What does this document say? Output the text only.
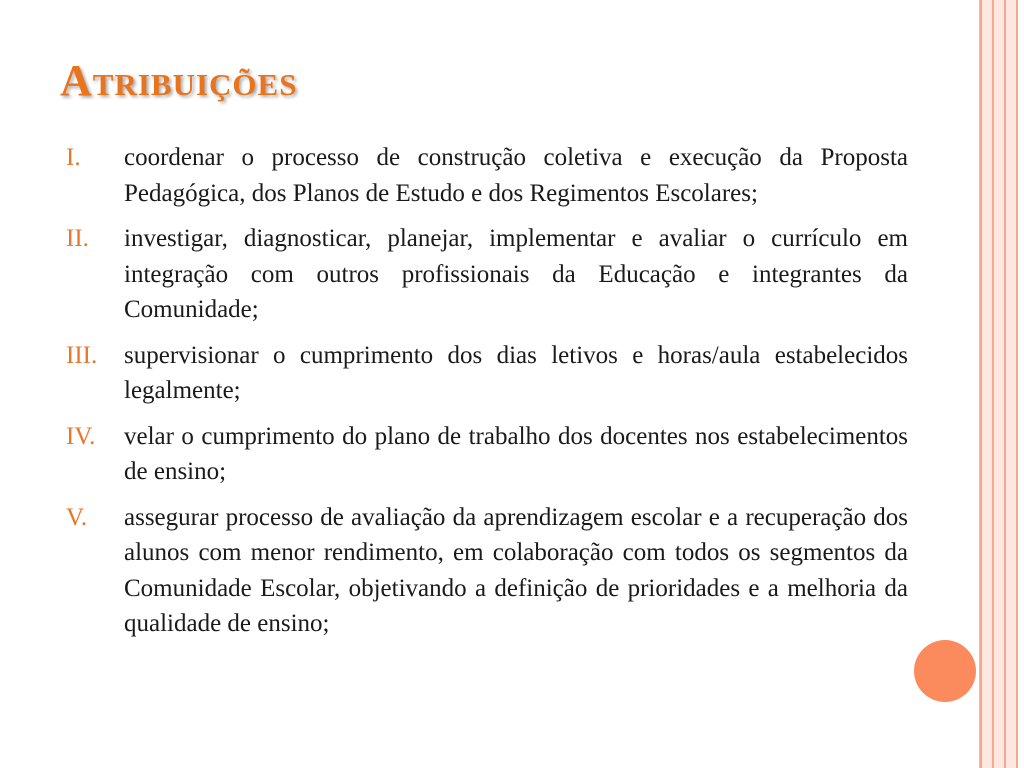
Atribuições
I.	coordenar o processo de construção coletiva e execução da Proposta Pedagógica, dos Planos de Estudo e dos Regimentos Escolares;
II.	investigar, diagnosticar, planejar, implementar e avaliar o currículo em integração com outros profissionais da Educação e integrantes da Comunidade;
III.	supervisionar o cumprimento dos dias letivos e horas/aula estabelecidos legalmente;
IV.	velar o cumprimento do plano de trabalho dos docentes nos estabelecimentos de ensino;
V.	assegurar processo de avaliação da aprendizagem escolar e a recuperação dos alunos com menor rendimento, em colaboração com todos os segmentos da Comunidade Escolar, objetivando a definição de prioridades e a melhoria da qualidade de ensino;
